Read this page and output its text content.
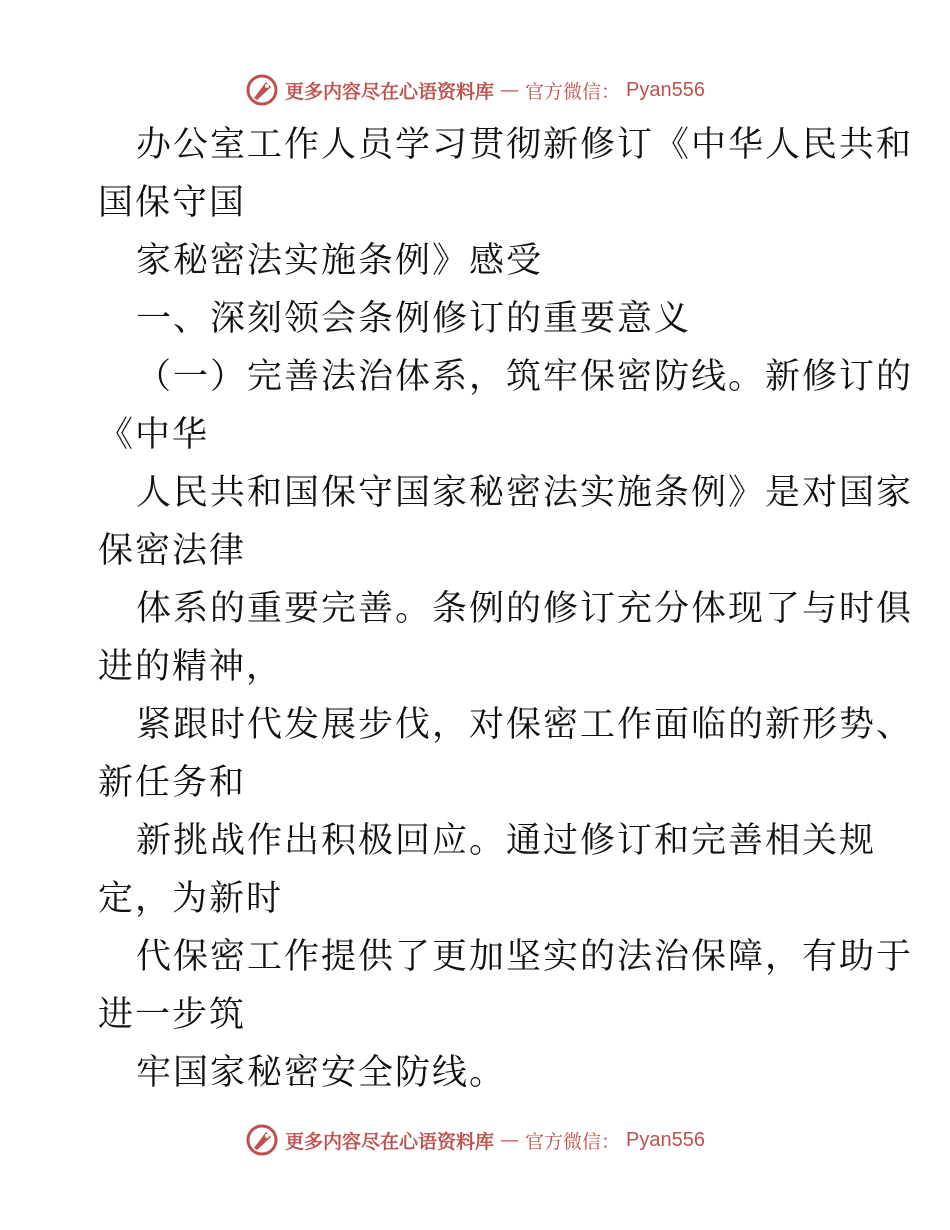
更多内容尽在心语资料库 — 官方微信： Pyan556
办公室工作人员学习贯彻新修订《中华人民共和
国保守国
家秘密法实施条例》感受
一、深刻领会条例修订的重要意义
（一）完善法治体系，筑牢保密防线。新修订的
《中华
人民共和国保守国家秘密法实施条例》是对国家
保密法律
体系的重要完善。条例的修订充分体现了与时俱
进的精神，
紧跟时代发展步伐，对保密工作面临的新形势、
新任务和
新挑战作出积极回应。通过修订和完善相关规
定，为新时
代保密工作提供了更加坚实的法治保障，有助于
进一步筑
牢国家秘密安全防线。
更多内容尽在心语资料库 — 官方微信： Pyan556
